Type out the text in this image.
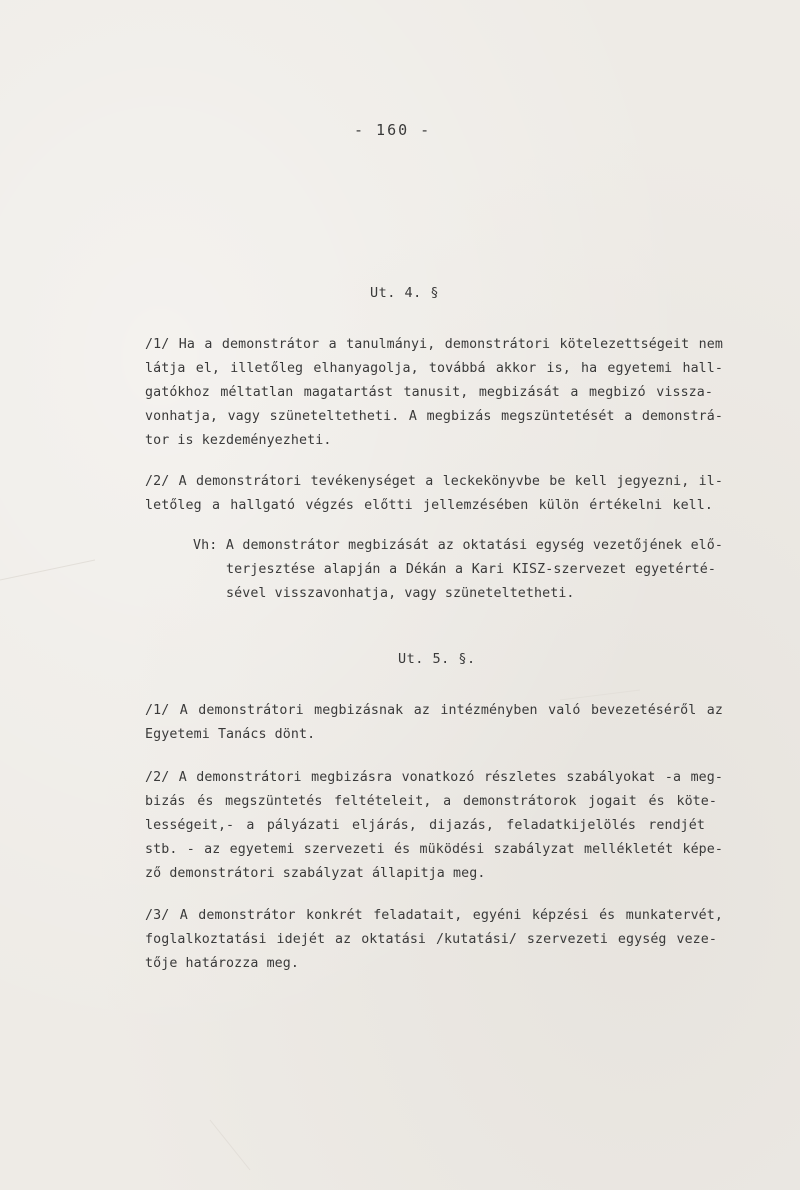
- 160 -
Ut. 4. §
/1/ Ha a demonstrátor a tanulmányi, demonstrátori kötelezettségeit nem
látja el, illetőleg elhanyagolja, továbbá akkor is, ha egyetemi hall-
gatókhoz méltatlan magatartást tanusit, megbizását a megbizó vissza-
vonhatja, vagy szüneteltetheti. A megbizás megszüntetését a demonstrá-
tor is kezdeményezheti.
/2/ A demonstrátori tevékenységet a leckekönyvbe be kell jegyezni, il-
letőleg a hallgató végzés előtti jellemzésében külön értékelni kell.
Vh: A demonstrátor megbizását az oktatási egység vezetőjének elő-
terjesztése alapján a Dékán a Kari KISZ-szervezet egyetérté-
sével visszavonhatja, vagy szüneteltetheti.
Ut. 5. §.
/1/ A demonstrátori megbizásnak az intézményben való bevezetéséről az
Egyetemi Tanács dönt.
/2/ A demonstrátori megbizásra vonatkozó részletes szabályokat -a meg-
bizás és megszüntetés feltételeit, a demonstrátorok jogait és köte-
lességeit,- a pályázati eljárás, dijazás, feladatkijelölés rendjét
stb. - az egyetemi szervezeti és müködési szabályzat mellékletét képe-
ző demonstrátori szabályzat állapitja meg.
/3/ A demonstrátor konkrét feladatait, egyéni képzési és munkatervét,
foglalkoztatási idejét az oktatási /kutatási/ szervezeti egység veze-
tője határozza meg.
